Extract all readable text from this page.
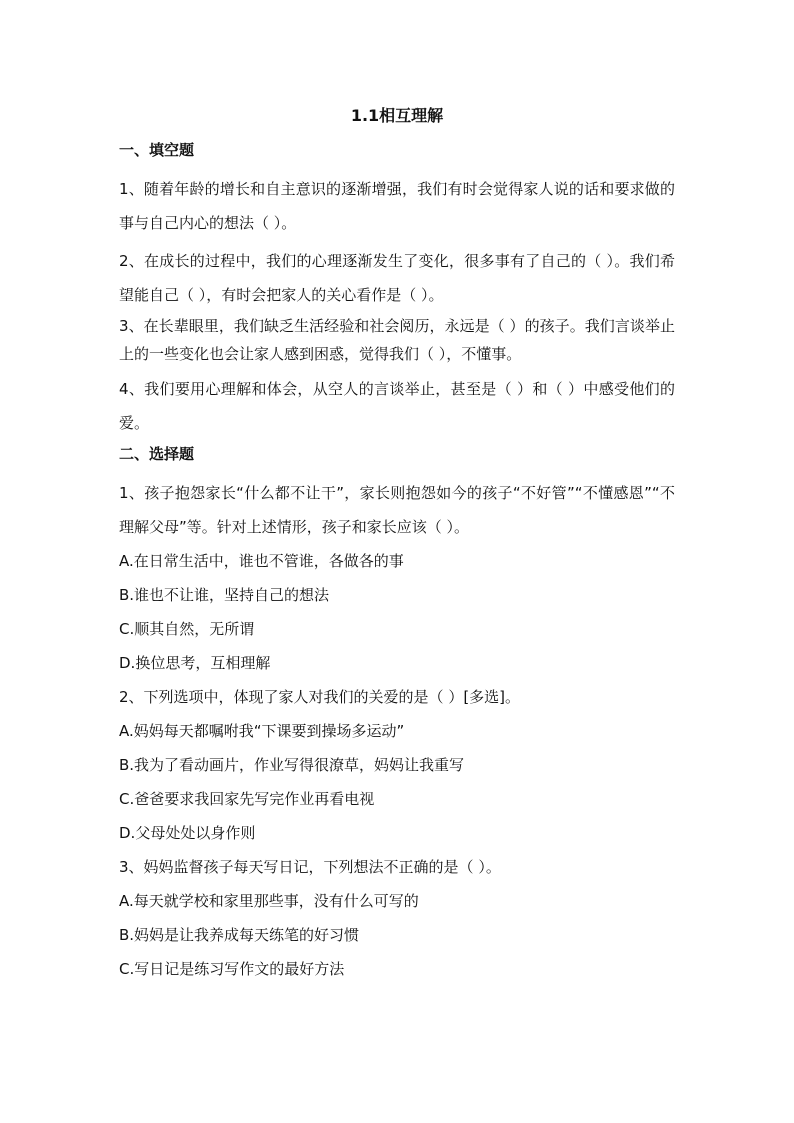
1.1相互理解
一、填空题

1、随着年龄的增长和自主意识的逐渐增强，我们有时会觉得家人说的话和要求做的事与自己内心的想法（ ）。

2、在成长的过程中，我们的心理逐渐发生了变化，很多事有了自己的（ ）。我们希望能自己（ ），有时会把家人的关心看作是（ ）。

3、在长辈眼里，我们缺乏生活经验和社会阅历，永远是（ ）的孩子。我们言谈举止上的一些变化也会让家人感到困惑，觉得我们（ ），不懂事。

4、我们要用心理解和体会，从空人的言谈举止，甚至是（ ）和（ ）中感受他们的爱。

二、选择题

1、孩子抱怨家长“什么都不让干”，家长则抱怨如今的孩子“不好管”“不懂感恩”“不理解父母”等。针对上述情形，孩子和家长应该（ ）。

A.在日常生活中，谁也不管谁，各做各的事

B.谁也不让谁，坚持自己的想法

C.顺其自然，无所谓

D.换位思考，互相理解

2、下列选项中，体现了家人对我们的关爱的是（ ）[多选]。

A.妈妈每天都嘱咐我“下课要到操场多运动”

B.我为了看动画片，作业写得很潦草，妈妈让我重写

C.爸爸要求我回家先写完作业再看电视

D.父母处处以身作则

3、妈妈监督孩子每天写日记，下列想法不正确的是（ ）。

A.每天就学校和家里那些事，没有什么可写的

B.妈妈是让我养成每天练笔的好习惯

C.写日记是练习写作文的最好方法
